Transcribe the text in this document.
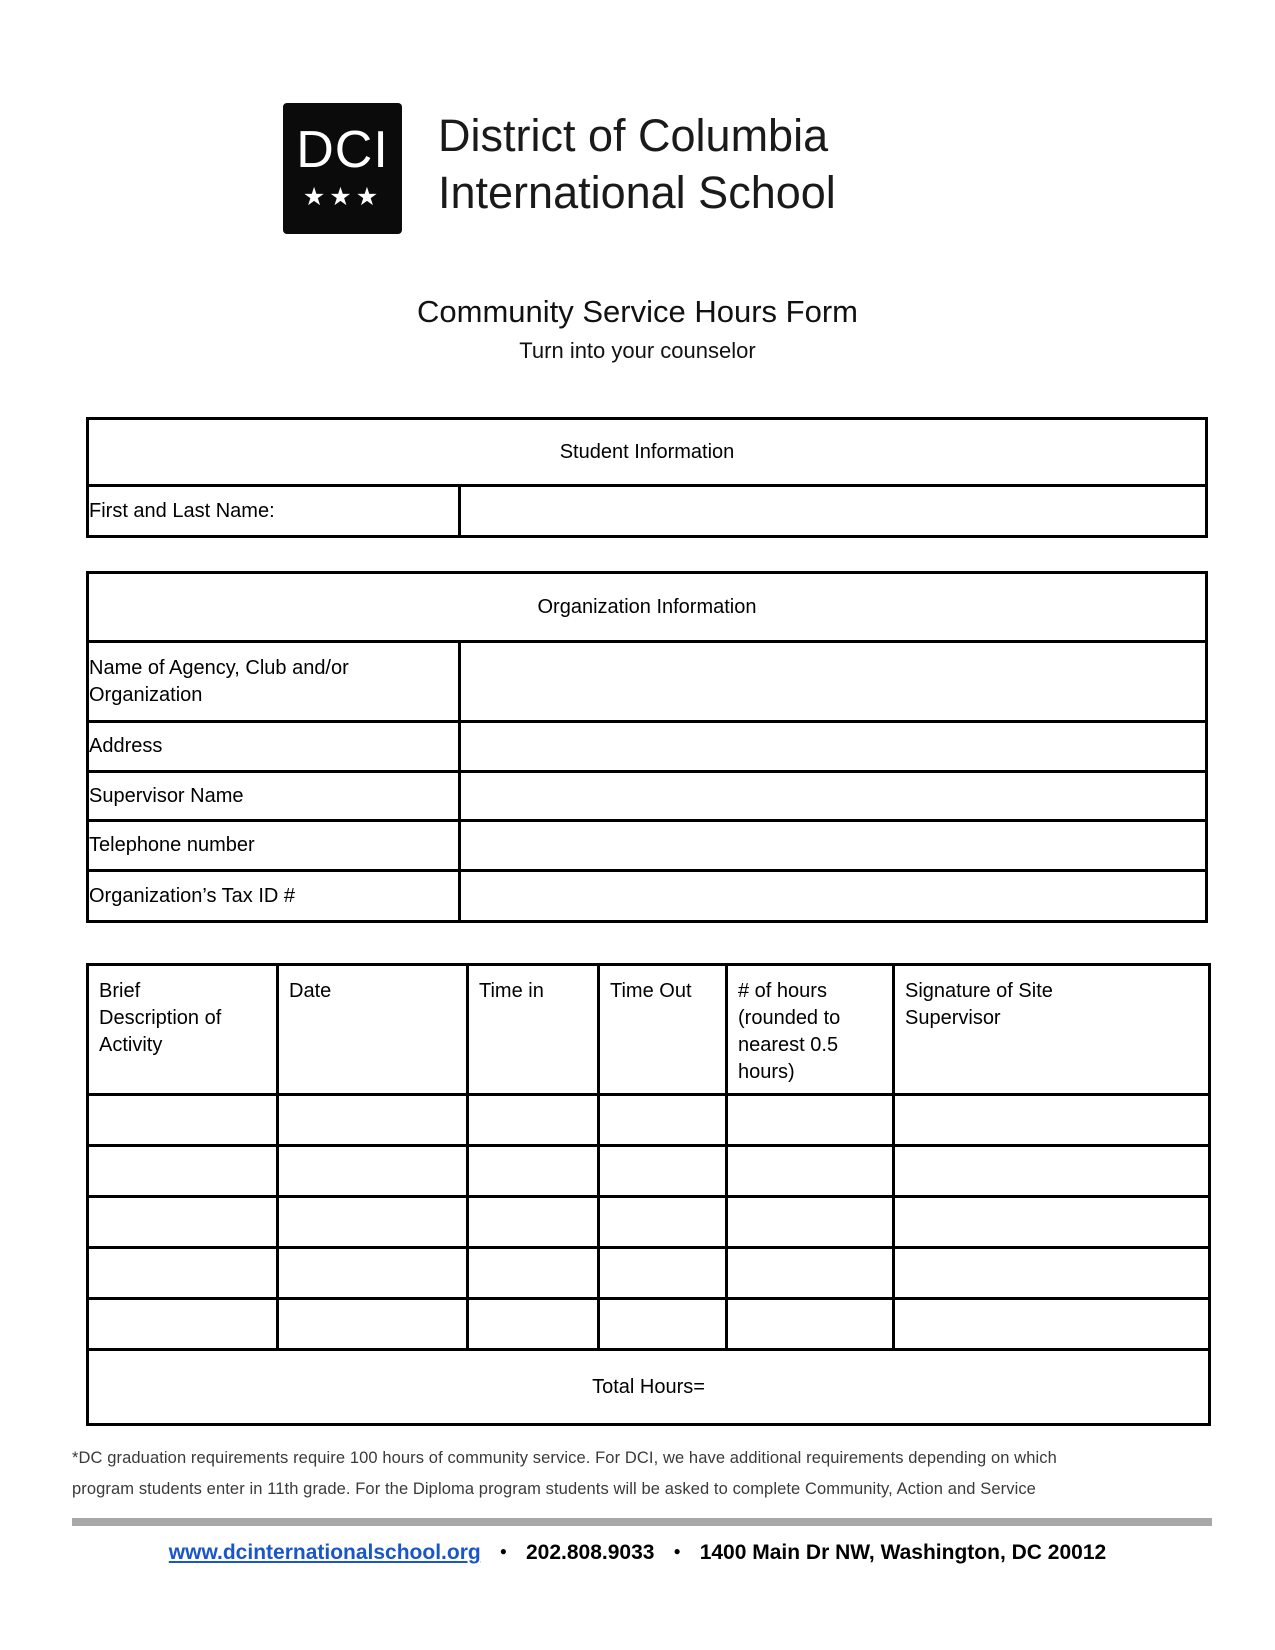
DCI
★★★
District of Columbia
International School
Community Service Hours Form
Turn into your counselor
Student Information
First and Last Name:	
Organization Information	
Name of Agency, Club and/or Organization	
Address	
Supervisor Name	
Telephone number	
Organization’s Tax ID #	
Brief Description of Activity	Date	Time in	Time Out	# of hours (rounded to nearest 0.5 hours)	Signature of Site Supervisor

Total Hours=					
*DC graduation requirements require 100 hours of community service. For DCI, we have additional requirements depending on which
program students enter in 11th grade. For the Diploma program students will be asked to complete Community, Action and Service
www.dcinternationalschool.org ● 202.808.9033 ● 1400 Main Dr NW, Washington, DC 20012
